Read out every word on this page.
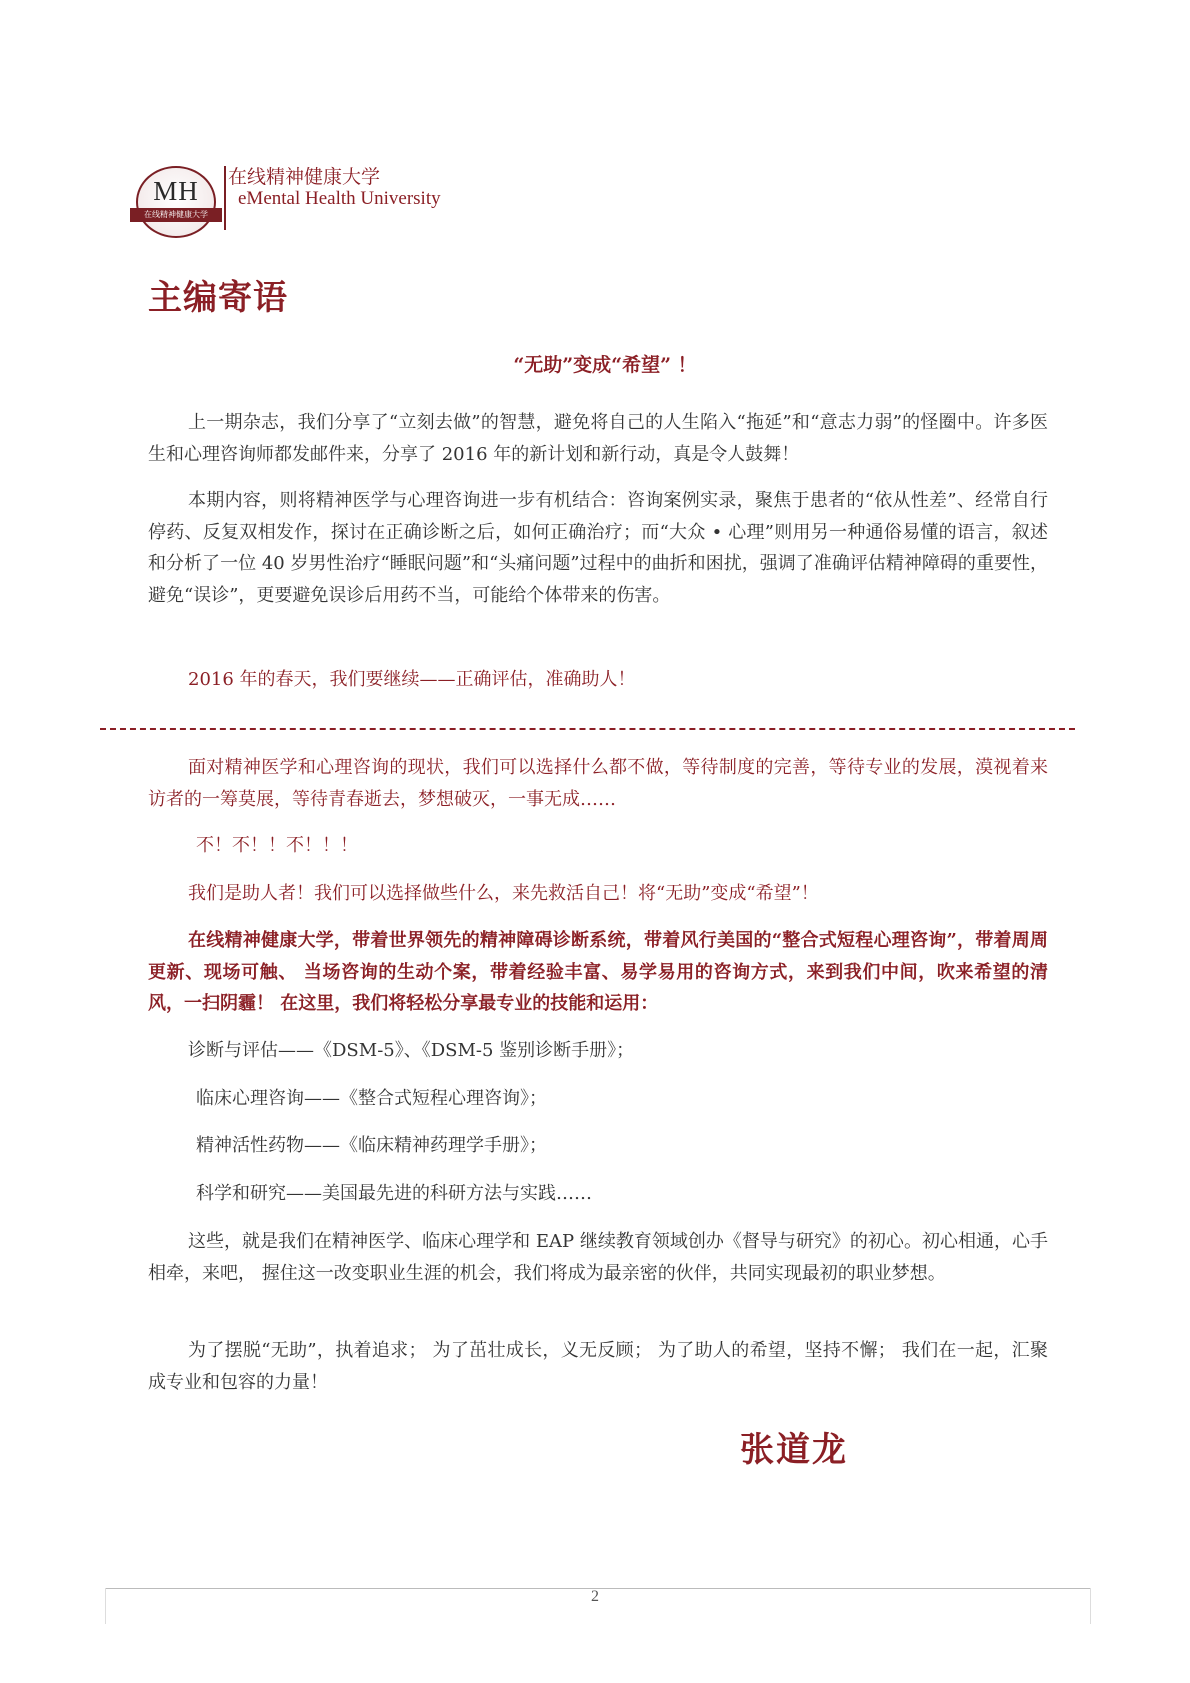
MH
在线精神健康大学
在线精神健康大学
eMental Health University
主编寄语
“无助”变成“希望” ！

上一期杂志，我们分享了“立刻去做”的智慧，避免将自己的人生陷入“拖延”和“意志力弱”的怪圈中。许多医生和心理咨询师都发邮件来，分享了 2016 年的新计划和新行动，真是令人鼓舞！

本期内容，则将精神医学与心理咨询进一步有机结合：咨询案例实录，聚焦于患者的“依从性差”、经常自行停药、反复双相发作，探讨在正确诊断之后，如何正确治疗；而“大众 • 心理”则用另一种通俗易懂的语言，叙述和分析了一位 40 岁男性治疗“睡眠问题”和“头痛问题”过程中的曲折和困扰，强调了准确评估精神障碍的重要性，避免“误诊”，更要避免误诊后用药不当，可能给个体带来的伤害。

2016 年的春天，我们要继续——正确评估，准确助人！

面对精神医学和心理咨询的现状，我们可以选择什么都不做，等待制度的完善，等待专业的发展，漠视着来访者的一筹莫展，等待青春逝去，梦想破灭，一事无成……

不！不！！不！！！

我们是助人者！我们可以选择做些什么，来先救活自己！将“无助”变成“希望”！

在线精神健康大学，带着世界领先的精神障碍诊断系统，带着风行美国的“整合式短程心理咨询”，带着周周更新、现场可触、 当场咨询的生动个案，带着经验丰富、易学易用的咨询方式，来到我们中间，吹来希望的清风，一扫阴霾！ 在这里，我们将轻松分享最专业的技能和运用：

诊断与评估——《DSM-5》、《DSM-5 鉴别诊断手册》；

临床心理咨询——《整合式短程心理咨询》；

精神活性药物——《临床精神药理学手册》；

科学和研究——美国最先进的科研方法与实践……

这些，就是我们在精神医学、临床心理学和 EAP 继续教育领域创办《督导与研究》的初心。初心相通，心手相牵，来吧， 握住这一改变职业生涯的机会，我们将成为最亲密的伙伴，共同实现最初的职业梦想。

为了摆脱“无助”，执着追求； 为了茁壮成长，义无反顾； 为了助人的希望，坚持不懈； 我们在一起，汇聚成专业和包容的力量！

张道龙
2
